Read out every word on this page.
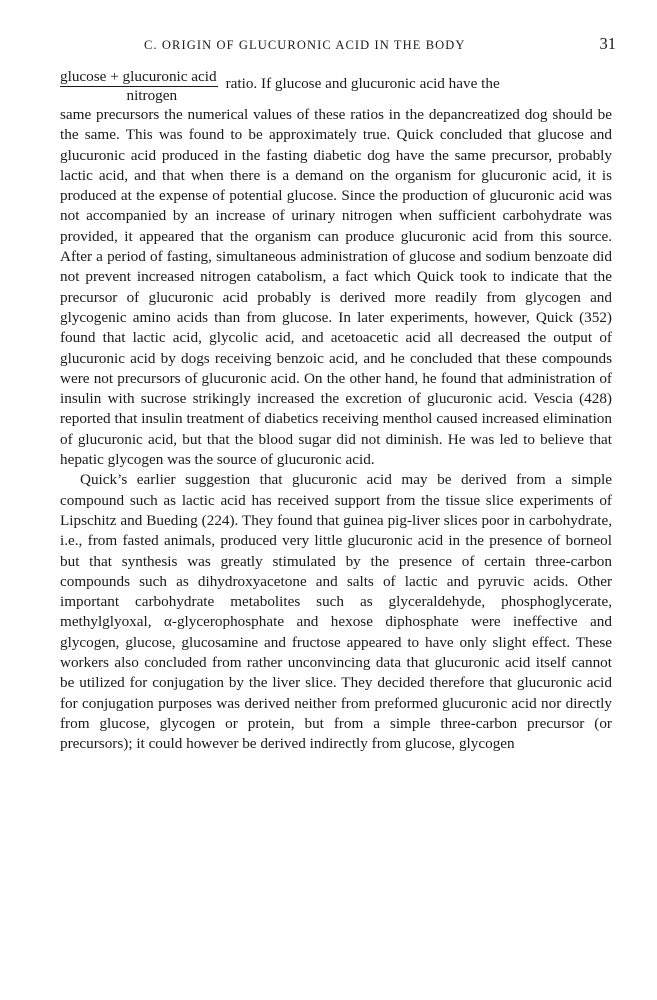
C. ORIGIN OF GLUCURONIC ACID IN THE BODY	31
$\frac{\text{glucose + glucuronic acid}}{\text{nitrogen}}$ ratio. If glucose and glucuronic acid have the

same precursors the numerical values of these ratios in the depancreatized dog should be the same. This was found to be approximately true. Quick concluded that glucose and glucuronic acid produced in the fasting diabetic dog have the same precursor, probably lactic acid, and that when there is a demand on the organism for glucuronic acid, it is produced at the expense of potential glucose. Since the production of glucuronic acid was not accompanied by an increase of urinary nitrogen when sufficient carbohydrate was provided, it appeared that the organism can produce glucuronic acid from this source. After a period of fasting, simultaneous administration of glucose and sodium benzoate did not prevent increased nitrogen catabolism, a fact which Quick took to indicate that the precursor of glucuronic acid probably is derived more readily from glycogen and glycogenic amino acids than from glucose. In later experiments, however, Quick (352) found that lactic acid, glycolic acid, and acetoacetic acid all decreased the output of glucuronic acid by dogs receiving benzoic acid, and he concluded that these compounds were not precursors of glucuronic acid. On the other hand, he found that administration of insulin with sucrose strikingly increased the excretion of glucuronic acid. Vescia (428) reported that insulin treatment of diabetics receiving menthol caused increased elimination of glucuronic acid, but that the blood sugar did not diminish. He was led to believe that hepatic glycogen was the source of glucuronic acid.

Quick’s earlier suggestion that glucuronic acid may be derived from a simple compound such as lactic acid has received support from the tissue slice experiments of Lipschitz and Bueding (224). They found that guinea pig-liver slices poor in carbohydrate, i.e., from fasted animals, produced very little glucuronic acid in the presence of borneol but that synthesis was greatly stimulated by the presence of certain three-carbon compounds such as dihydroxyacetone and salts of lactic and pyruvic acids. Other important carbohydrate metabolites such as glyceraldehyde, phosphoglycerate, methylglyoxal, α-glycerophosphate and hexose diphosphate were ineffective and glycogen, glucose, glucosamine and fructose appeared to have only slight effect. These workers also concluded from rather unconvincing data that glucuronic acid itself cannot be utilized for conjugation by the liver slice. They decided therefore that glucuronic acid for conjugation purposes was derived neither from preformed glucuronic acid nor directly from glucose, glycogen or protein, but from a simple three-carbon precursor (or precursors); it could however be derived indirectly from glucose, glycogen
